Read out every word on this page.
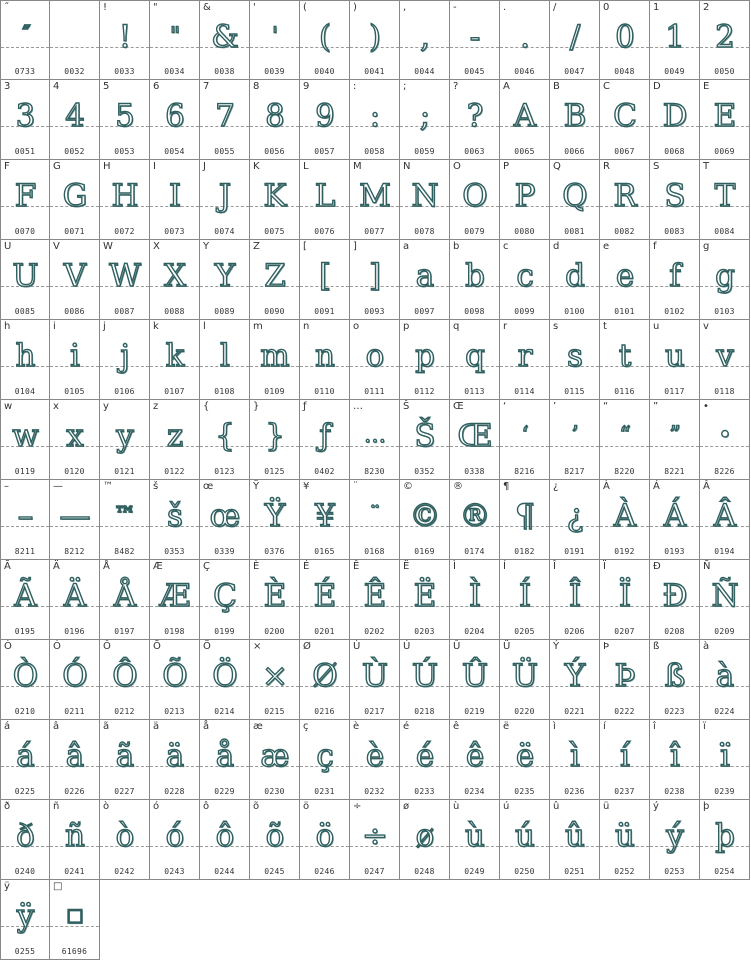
˝
˝
0733	0032
!
!
0033
"
"
0034
&
&
0038
'
'
0039
(
(
0040
)
)
0041
,
,
0044
-
-
0045
.
.
0046
/
/
0047
0
0
0048
1
1
0049
2
2
0050
3
3
0051
4
4
0052
5
5
0053
6
6
0054
7
7
0055
8
8
0056
9
9
0057
:
:
0058
;
;
0059
?
?
0063
A
A
0065
B
B
0066
C
C
0067
D
D
0068
E
E
0069
F
F
0070
G
G
0071
H
H
0072
I
I
0073
J
J
0074
K
K
0075
L
L
0076
M
M
0077
N
N
0078
O
O
0079
P
P
0080
Q
Q
0081
R
R
0082
S
S
0083
T
T
0084
U
U
0085
V
V
0086
W
W
0087
X
X
0088
Y
Y
0089
Z
Z
0090
[
[
0091
]
]
0093
a
a
0097
b
b
0098
c
c
0099
d
d
0100
e
e
0101
f
f
0102
g
g
0103
h
h
0104
i
i
0105
j
j
0106
k
k
0107
l
l
0108
m
m
0109
n
n
0110
o
o
0111
p
p
0112
q
q
0113
r
r
0114
s
s
0115
t
t
0116
u
u
0117
v
v
0118
w
w
0119
x
x
0120
y
y
0121
z
z
0122
{
{
0123
}
}
0125
ƒ
ƒ
0402
…
…
8230
Š
Š
0352
Œ
Œ
0338
‘
‘
8216
’
’
8217
“
“
8220
”
”
8221
•
•
8226
–
–
8211
—
—
8212
™
™
8482
š
š
0353
œ
œ
0339
Ÿ
Ÿ
0376
¥
¥
0165
¨
¨
0168
©
©
0169
®
®
0174
¶
¶
0182
¿
¿
0191
À
À
0192
Á
Á
0193
Â
Â
0194
Ã
Ã
0195
Ä
Ä
0196
Å
Å
0197
Æ
Æ
0198
Ç
Ç
0199
È
È
0200
É
É
0201
Ê
Ê
0202
Ë
Ë
0203
Ì
Ì
0204
Í
Í
0205
Î
Î
0206
Ï
Ï
0207
Ð
Ð
0208
Ñ
Ñ
0209
Ò
Ò
0210
Ó
Ó
0211
Ô
Ô
0212
Õ
Õ
0213
Ö
Ö
0214
×
×
0215
Ø
Ø
0216
Ù
Ù
0217
Ú
Ú
0218
Û
Û
0219
Ü
Ü
0220
Ý
Ý
0221
Þ
Þ
0222
ß
ß
0223
à
à
0224
á
á
0225
â
â
0226
ã
ã
0227
ä
ä
0228
å
å
0229
æ
æ
0230
ç
ç
0231
è
è
0232
é
é
0233
ê
ê
0234
ë
ë
0235
ì
ì
0236
í
í
0237
î
î
0238
ï
ï
0239
ð
ð
0240
ñ
ñ
0241
ò
ò
0242
ó
ó
0243
ô
ô
0244
õ
õ
0245
ö
ö
0246
÷
÷
0247
ø
ø
0248
ù
ù
0249
ú
ú
0250
û
û
0251
ü
ü
0252
ý
ý
0253
þ
þ
0254
ÿ
ÿ
0255
□
□
61696
